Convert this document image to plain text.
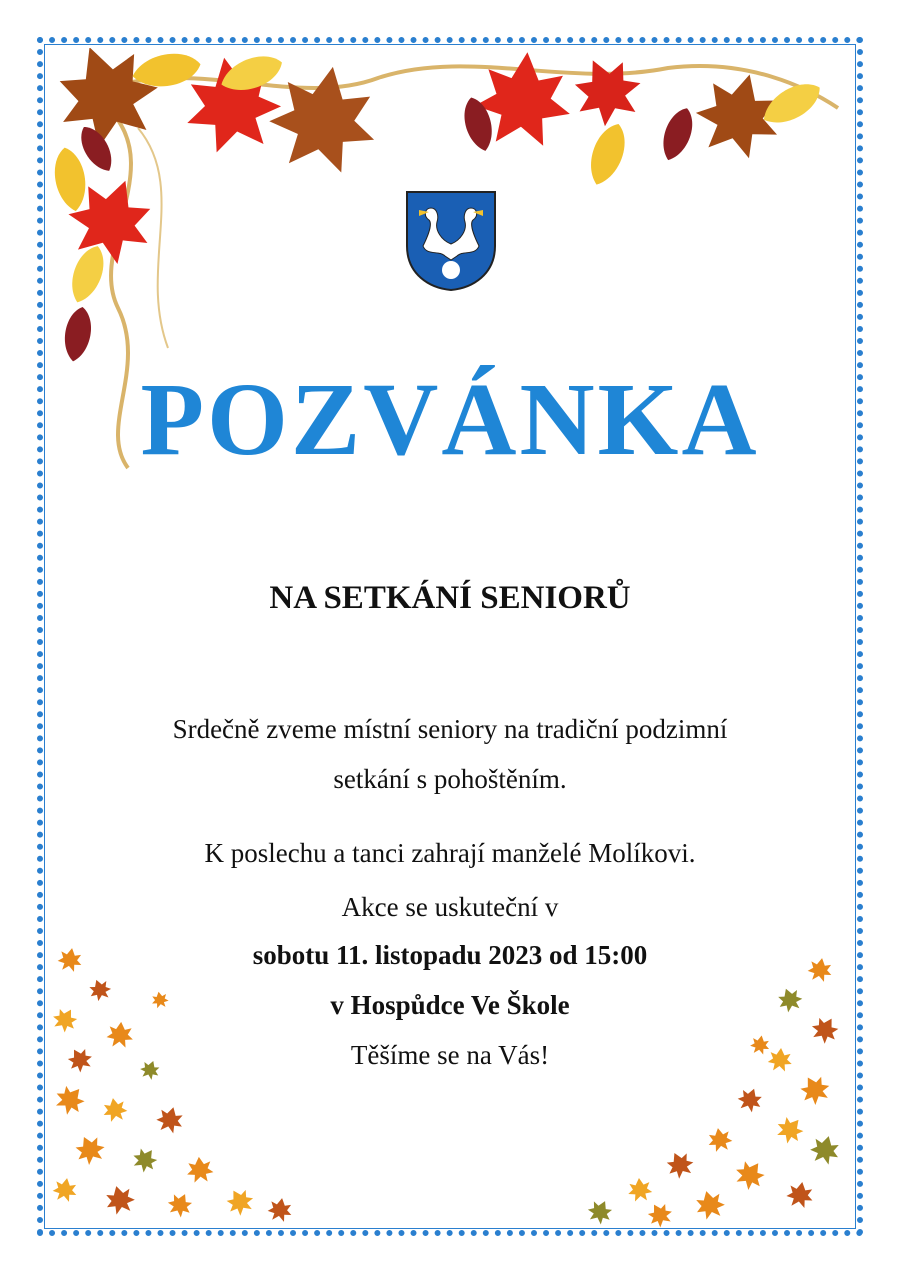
POZVÁNKA
NA SETKÁNÍ SENIORŮ
Srdečně zveme místní seniory na tradiční podzimní
setkání s pohoštěním.
K poslechu a tanci zahrají manželé Molíkovi.
Akce se uskuteční v
sobotu 11. listopadu 2023 od 15:00
v Hospůdce Ve Škole
Těšíme se na Vás!
